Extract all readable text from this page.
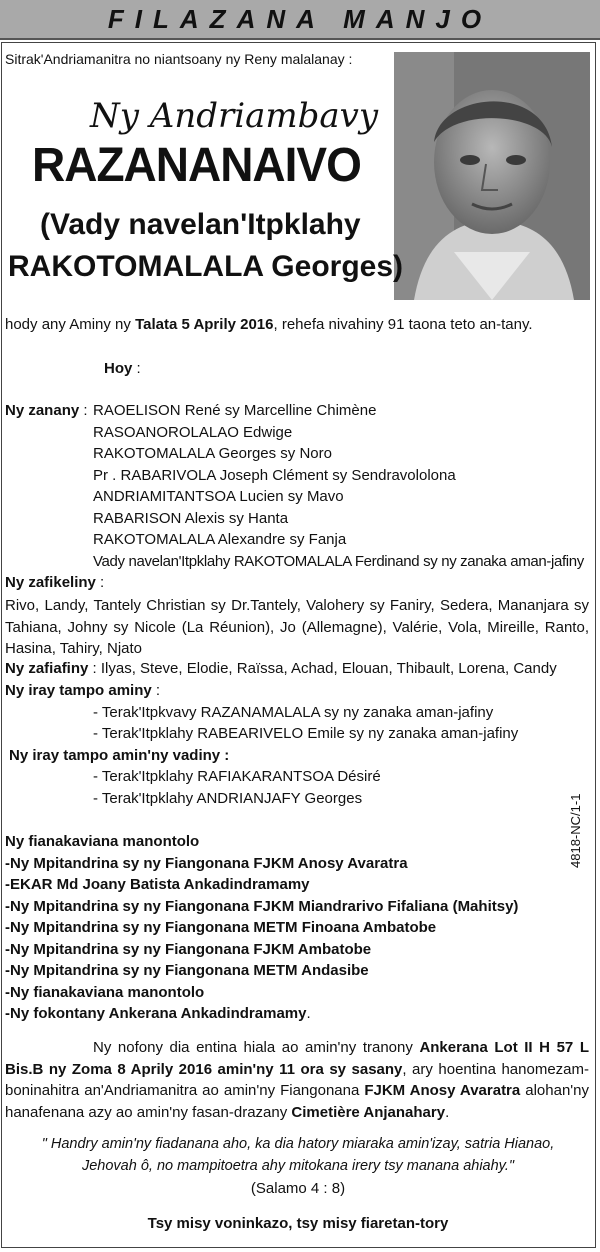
FILAZANA MANJO
Sitrak'Andriamanitra no niantsoany ny Reny malalanay :
Ny Andriambavy
RAZANANAIVO
(Vady navelan'Itpklahy
RAKOTOMALALA Georges)
hody any Aminy ny Talata 5 Aprily 2016, rehefa nivahiny 91 taona teto an-tany.
Hoy :
Ny zanany : RAOELISON René sy Marcelline Chimène
RASOANOROLALAO Edwige
RAKOTOMALALA Georges sy Noro
Pr . RABARIVOLA Joseph Clément sy Sendravololona
ANDRIAMITANTSOA Lucien sy Mavo
RABARISON Alexis sy Hanta
RAKOTOMALALA Alexandre sy Fanja
Vady navelan'Itpklahy RAKOTOMALALA Ferdinand sy ny zanaka aman-jafiny
Ny zafikeliny :
Rivo, Landy, Tantely Christian sy Dr.Tantely, Valohery sy Faniry, Sedera, Mananjara sy Tahiana, Johny sy Nicole (La Réunion), Jo (Allemagne), Valérie, Vola, Mireille, Ranto, Hasina, Tahiry, Njato
Ny zafiafiny : Ilyas, Steve, Elodie, Raïssa, Achad, Elouan, Thibault, Lorena, Candy
Ny iray tampo aminy :
- Terak'Itpkvavy RAZANAMALALA sy ny zanaka aman-jafiny
- Terak'Itpklahy RABEARIVELO Emile sy ny zanaka aman-jafiny
Ny iray tampo amin'ny vadiny :
- Terak'Itpklahy RAFIAKARANTSOA Désiré
- Terak'Itpklahy ANDRIANJAFY Georges
Ny fianakaviana manontolo
-Ny Mpitandrina sy ny Fiangonana FJKM Anosy Avaratra
-EKAR Md Joany Batista Ankadindramamy
-Ny Mpitandrina sy ny Fiangonana FJKM Miandrarivo Fifaliana (Mahitsy)
-Ny Mpitandrina sy ny Fiangonana METM Finoana Ambatobe
-Ny Mpitandrina sy ny Fiangonana FJKM Ambatobe
-Ny Mpitandrina sy ny Fiangonana METM Andasibe
-Ny fianakaviana manontolo
-Ny fokontany Ankerana Ankadindramamy.
4818-NC/1-1
Ny nofony dia entina hiala ao amin'ny tranony Ankerana Lot II H 57 L Bis.B ny Zoma 8 Aprily 2016 amin'ny 11 ora sy sasany, ary hoentina hanomezam-boninahitra an'Andriamanitra ao amin'ny Fiangonana FJKM Anosy Avaratra alohan'ny hanafenana azy ao amin'ny fasan-drazany Cimetière Anjanahary.
" Handry amin'ny fiadanana aho, ka dia hatory miaraka amin'izay, satria Hianao,
Jehovah ô, no mampitoetra ahy mitokana irery tsy manana ahiahy."
(Salamo 4 : 8)
Tsy misy voninkazo, tsy misy fiaretan-tory
